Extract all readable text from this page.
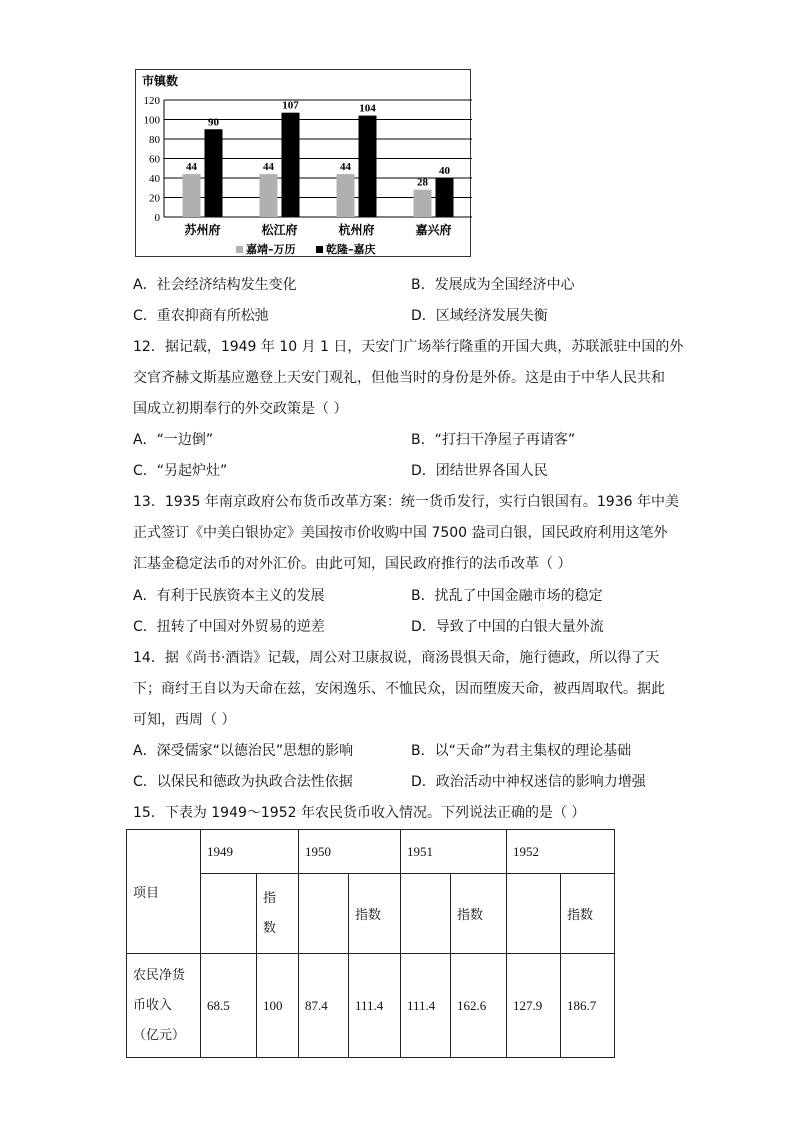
市镇数
0
20
40
60
80
100
120
44
90
苏州府
44
107
松江府
44
104
杭州府
28
40
嘉兴府
嘉靖–万历	乾隆–嘉庆
A．社会经济结构发生变化	B．发展成为全国经济中心
C．重农抑商有所松弛	D．区域经济发展失衡
12．据记载，1949 年 10 月 1 日，天安门广场举行隆重的开国大典，苏联派驻中国的外
交官齐赫文斯基应邀登上天安门观礼，但他当时的身份是外侨。这是由于中华人民共和
国成立初期奉行的外交政策是（ ）
A．“一边倒”	B．“打扫干净屋子再请客”
C．“另起炉灶”	D．团结世界各国人民
13．1935 年南京政府公布货币改革方案：统一货币发行，实行白银国有。1936 年中美
正式签订《中美白银协定》美国按市价收购中国 7500 盎司白银，国民政府利用这笔外
汇基金稳定法币的对外汇价。由此可知，国民政府推行的法币改革（ ）
A．有利于民族资本主义的发展	B．扰乱了中国金融市场的稳定
C．扭转了中国对外贸易的逆差	D．导致了中国的白银大量外流
14．据《尚书·酒诰》记载，周公对卫康叔说，商汤畏惧天命，施行德政，所以得了天
下；商纣王自以为天命在兹，安闲逸乐、不恤民众，因而堕废天命，被西周取代。据此
可知，西周（ ）
A．深受儒家“以德治民”思想的影响	B．以“天命”为君主集权的理论基础
C．以保民和德政为执政合法性依据	D．政治活动中神权迷信的影响力增强
15．下表为 1949～1952 年农民货币收入情况。下列说法正确的是（ ）
项目	1949		1950		1951		1952	

		指数		指数		指数		指数

农民净货
币收入
（亿元）	68.5	100	87.4	111.4	111.4	162.6	127.9	186.7
